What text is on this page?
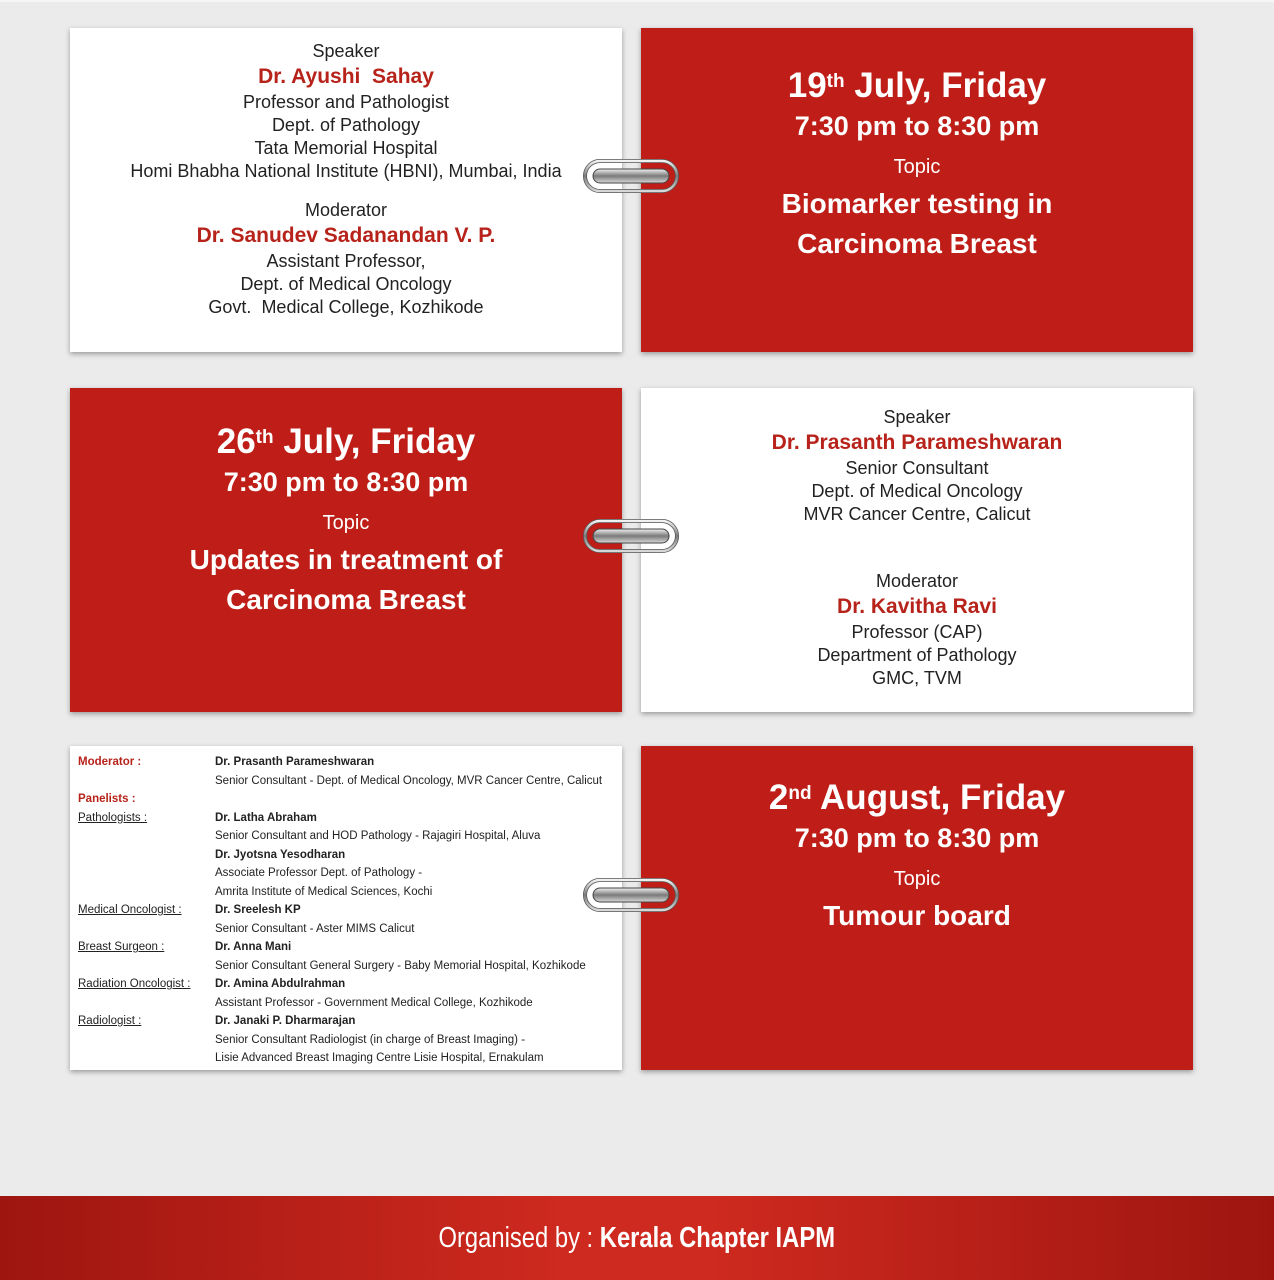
Speaker
Dr. Ayushi  Sahay
Professor and Pathologist
Dept. of Pathology
Tata Memorial Hospital
Homi Bhabha National Institute (HBNI), Mumbai, India
Moderator
Dr. Sanudev Sadanandan V. P.
Assistant Professor,
Dept. of Medical Oncology
Govt.  Medical College, Kozhikode
19th July, Friday
7:30 pm to 8:30 pm
Topic
Biomarker testing in
Carcinoma Breast
26th July, Friday
7:30 pm to 8:30 pm
Topic
Updates in treatment of
Carcinoma Breast
Speaker
Dr. Prasanth Parameshwaran
Senior Consultant
Dept. of Medical Oncology
MVR Cancer Centre, Calicut
Moderator
Dr. Kavitha Ravi
Professor (CAP)
Department of Pathology
GMC, TVM
Moderator :	Dr. Prasanth Parameshwaran
Senior Consultant - Dept. of Medical Oncology, MVR Cancer Centre, Calicut
Panelists :
Pathologists :	Dr. Latha Abraham
Senior Consultant and HOD Pathology - Rajagiri Hospital, Aluva
Dr. Jyotsna Yesodharan
Associate Professor Dept. of Pathology -
Amrita Institute of Medical Sciences, Kochi
Medical Oncologist :	Dr. Sreelesh KP
Senior Consultant - Aster MIMS Calicut
Breast Surgeon :	Dr. Anna Mani
Senior Consultant General Surgery - Baby Memorial Hospital, Kozhikode
Radiation Oncologist :	Dr. Amina Abdulrahman
Assistant Professor - Government Medical College, Kozhikode
Radiologist :	Dr. Janaki P. Dharmarajan
Senior Consultant Radiologist (in charge of Breast Imaging) -
Lisie Advanced Breast Imaging Centre Lisie Hospital, Ernakulam
2nd August, Friday
7:30 pm to 8:30 pm
Topic
Tumour board
Organised by : Kerala Chapter IAPM
